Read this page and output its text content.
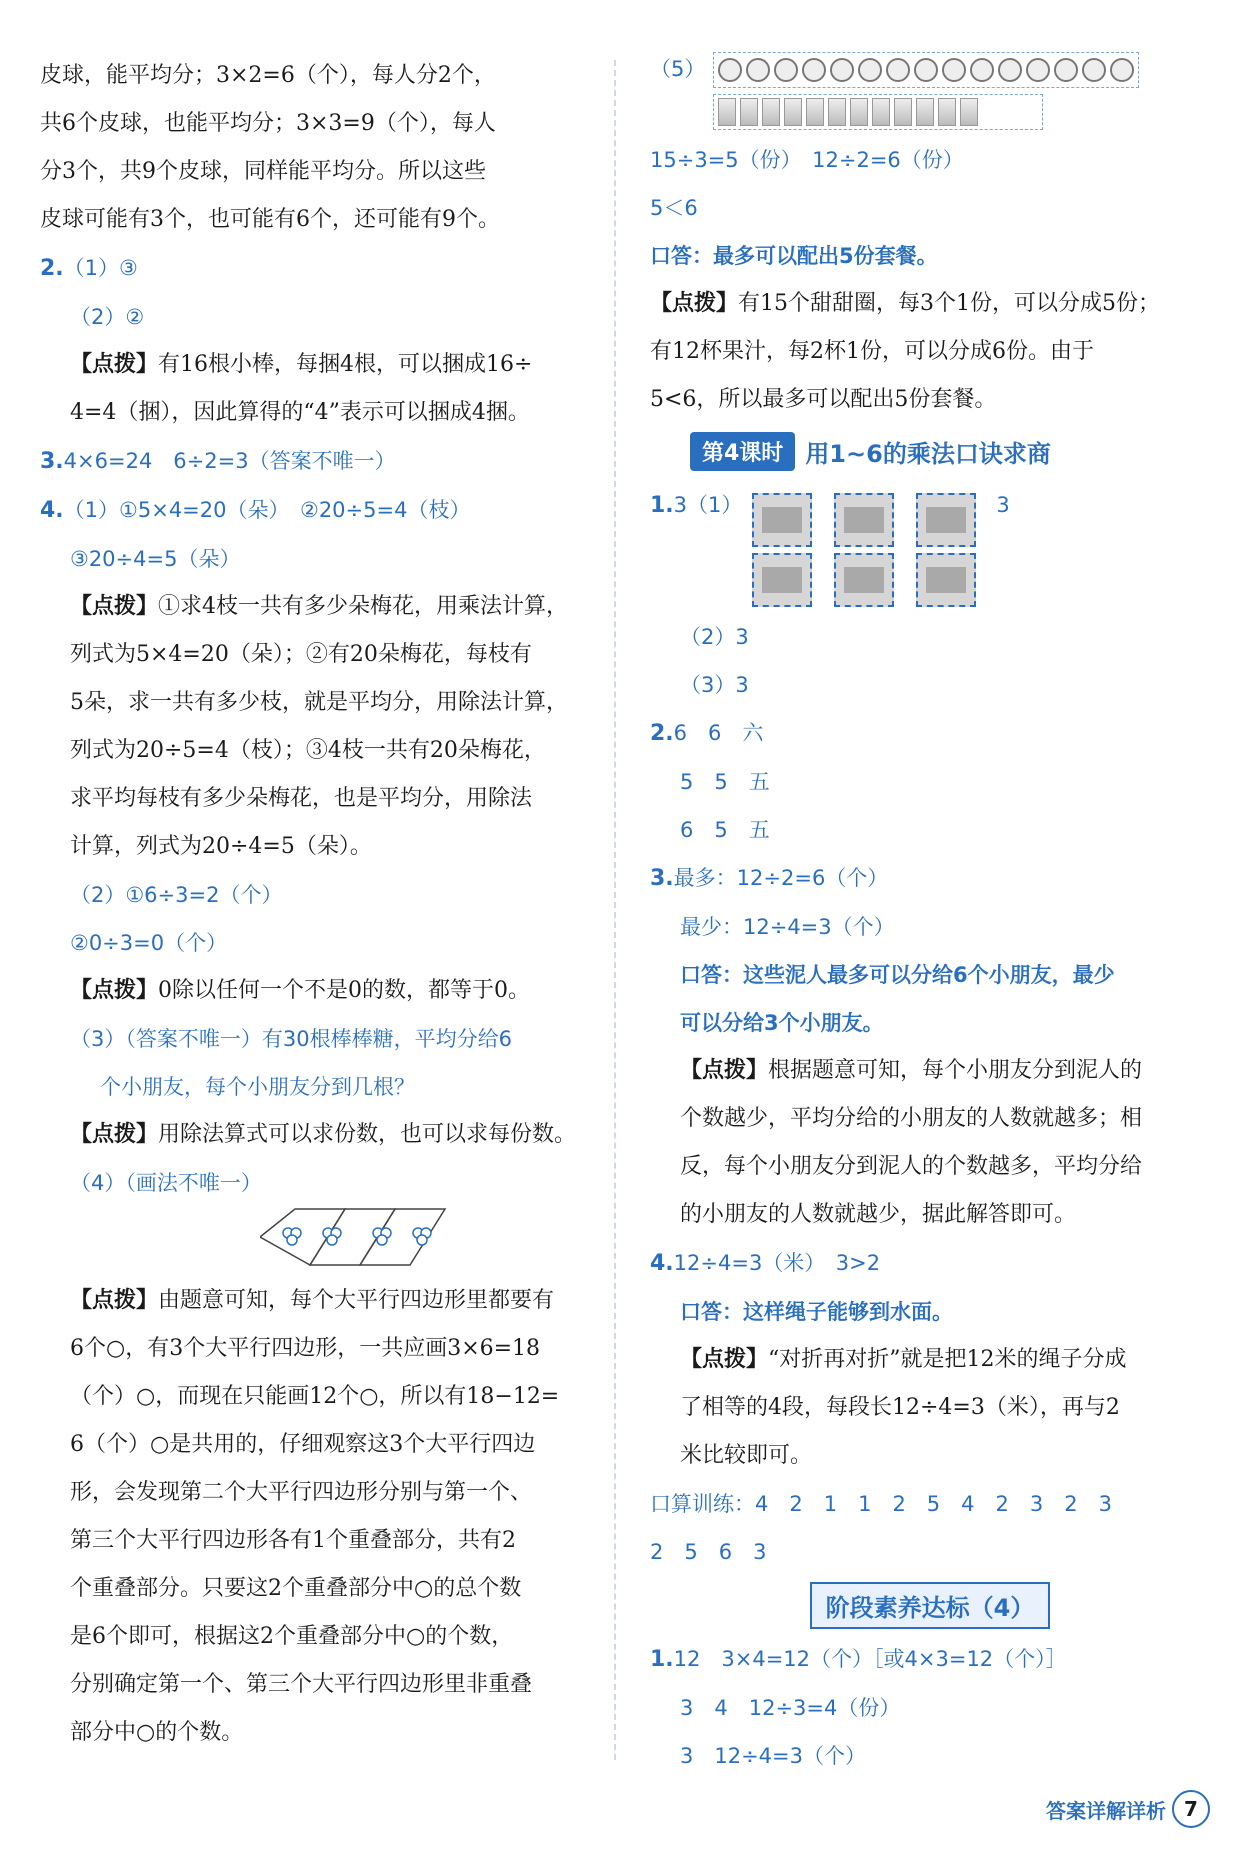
皮球，能平均分；3×2=6（个），每人分2个，

共6个皮球，也能平均分；3×3=9（个），每人

分3个，共9个皮球，同样能平均分。所以这些

皮球可能有3个，也可能有6个，还可能有9个。

2.（1）③

（2）②

【点拨】有16根小棒，每捆4根，可以捆成16÷

4=4（捆），因此算得的“4”表示可以捆成4捆。

3.4×6=24　6÷2=3（答案不唯一）

4.（1）①5×4=20（朵）　②20÷5=4（枝）

③20÷4=5（朵）

【点拨】①求4枝一共有多少朵梅花，用乘法计算，

列式为5×4=20（朵）；②有20朵梅花，每枝有

5朵，求一共有多少枝，就是平均分，用除法计算，

列式为20÷5=4（枝）；③4枝一共有20朵梅花，

求平均每枝有多少朵梅花，也是平均分，用除法

计算，列式为20÷4=5（朵）。

（2）①6÷3=2（个）

②0÷3=0（个）

【点拨】0除以任何一个不是0的数，都等于0。

（3）（答案不唯一）有30根棒棒糖，平均分给6

个小朋友，每个小朋友分到几根？

【点拨】用除法算式可以求份数，也可以求每份数。

（4）（画法不唯一）

【点拨】由题意可知，每个大平行四边形里都要有

6个○，有3个大平行四边形，一共应画3×6=18

（个）○，而现在只能画12个○，所以有18−12=

6（个）○是共用的，仔细观察这3个大平行四边

形，会发现第二个大平行四边形分别与第一个、

第三个大平行四边形各有1个重叠部分，共有2

个重叠部分。只要这2个重叠部分中○的总个数

是6个即可，根据这2个重叠部分中○的个数，

分别确定第一个、第三个大平行四边形里非重叠

部分中○的个数。

（5）

15÷3=5（份）　12÷2=6（份）

5＜6

口答：最多可以配出5份套餐。

【点拨】有15个甜甜圈，每3个1份，可以分成5份；

有12杯果汁，每2杯1份，可以分成6份。由于

5<6，所以最多可以配出5份套餐。

第4课时 用1~6的乘法口诀求商

1.3（1）	3

（2）3

（3）3

2.6　6　六

5　5　五

6　5　五

3.最多：12÷2=6（个）

最少：12÷4=3（个）

口答：这些泥人最多可以分给6个小朋友，最少

可以分给3个小朋友。

【点拨】根据题意可知，每个小朋友分到泥人的

个数越少，平均分给的小朋友的人数就越多；相

反，每个小朋友分到泥人的个数越多，平均分给

的小朋友的人数就越少，据此解答即可。

4.12÷4=3（米）　3>2

口答：这样绳子能够到水面。

【点拨】“对折再对折”就是把12米的绳子分成

了相等的4段，每段长12÷4=3（米），再与2

米比较即可。

口算训练：4　2　1　1　2　5　4　2　3　2　3

2　5　6　3

阶段素养达标（4）

1.12　3×4=12（个）［或4×3=12（个）］

3　4　12÷3=4（份）

3　12÷4=3（个）

答案详解详析 7
